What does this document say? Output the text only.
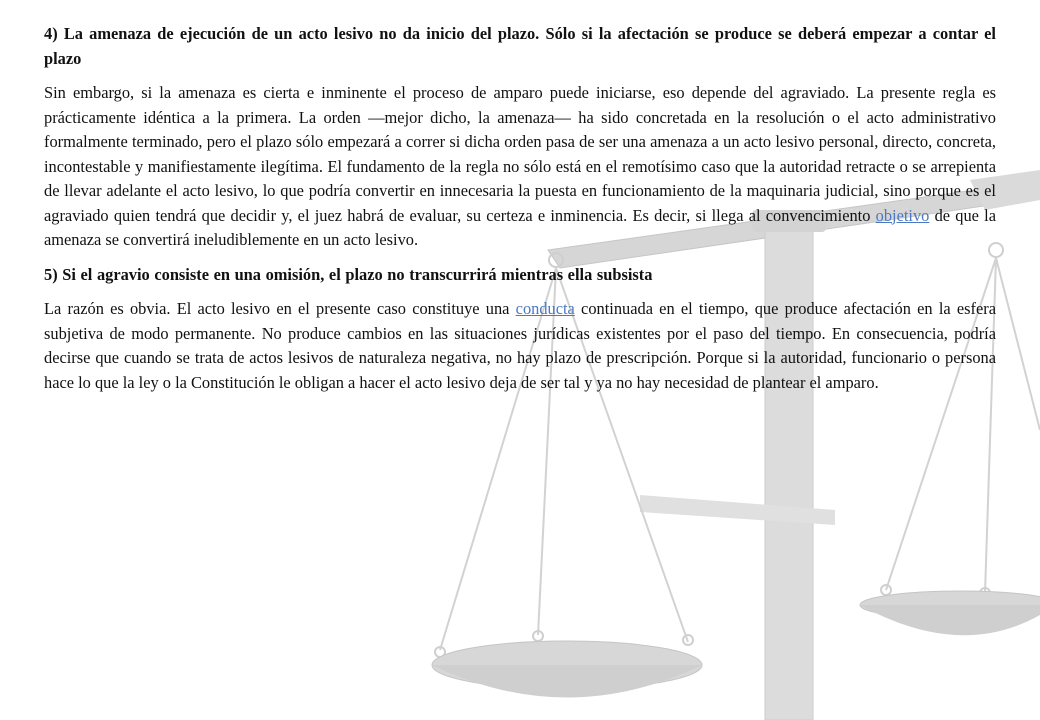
4) La amenaza de ejecución de un acto lesivo no da inicio del plazo. Sólo si la afectación se produce se deberá empezar a contar el plazo

Sin embargo, si la amenaza es cierta e inminente el proceso de amparo puede iniciarse, eso depende del agraviado. La presente regla es prácticamente idéntica a la primera. La orden —mejor dicho, la amenaza— ha sido concretada en la resolución o el acto administrativo formalmente terminado, pero el plazo sólo empezará a correr si dicha orden pasa de ser una amenaza a un acto lesivo personal, directo, concreta, incontestable y manifiestamente ilegítima. El fundamento de la regla no sólo está en el remotísimo caso que la autoridad retracte o se arrepienta de llevar adelante el acto lesivo, lo que podría convertir en innecesaria la puesta en funcionamiento de la maquinaria judicial, sino porque es el agraviado quien tendrá que decidir y, el juez habrá de evaluar, su certeza e inminencia. Es decir, si llega al convencimiento objetivo de que la amenaza se convertirá ineludiblemente en un acto lesivo.

5) Si el agravio consiste en una omisión, el plazo no transcurrirá mientras ella subsista

La razón es obvia. El acto lesivo en el presente caso constituye una conducta continuada en el tiempo, que produce afectación en la esfera subjetiva de modo permanente. No produce cambios en las situaciones jurídicas existentes por el paso del tiempo. En consecuencia, podría decirse que cuando se trata de actos lesivos de naturaleza negativa, no hay plazo de prescripción. Porque si la autoridad, funcionario o persona hace lo que la ley o la Constitución le obligan a hacer el acto lesivo deja de ser tal y ya no hay necesidad de plantear el amparo.
